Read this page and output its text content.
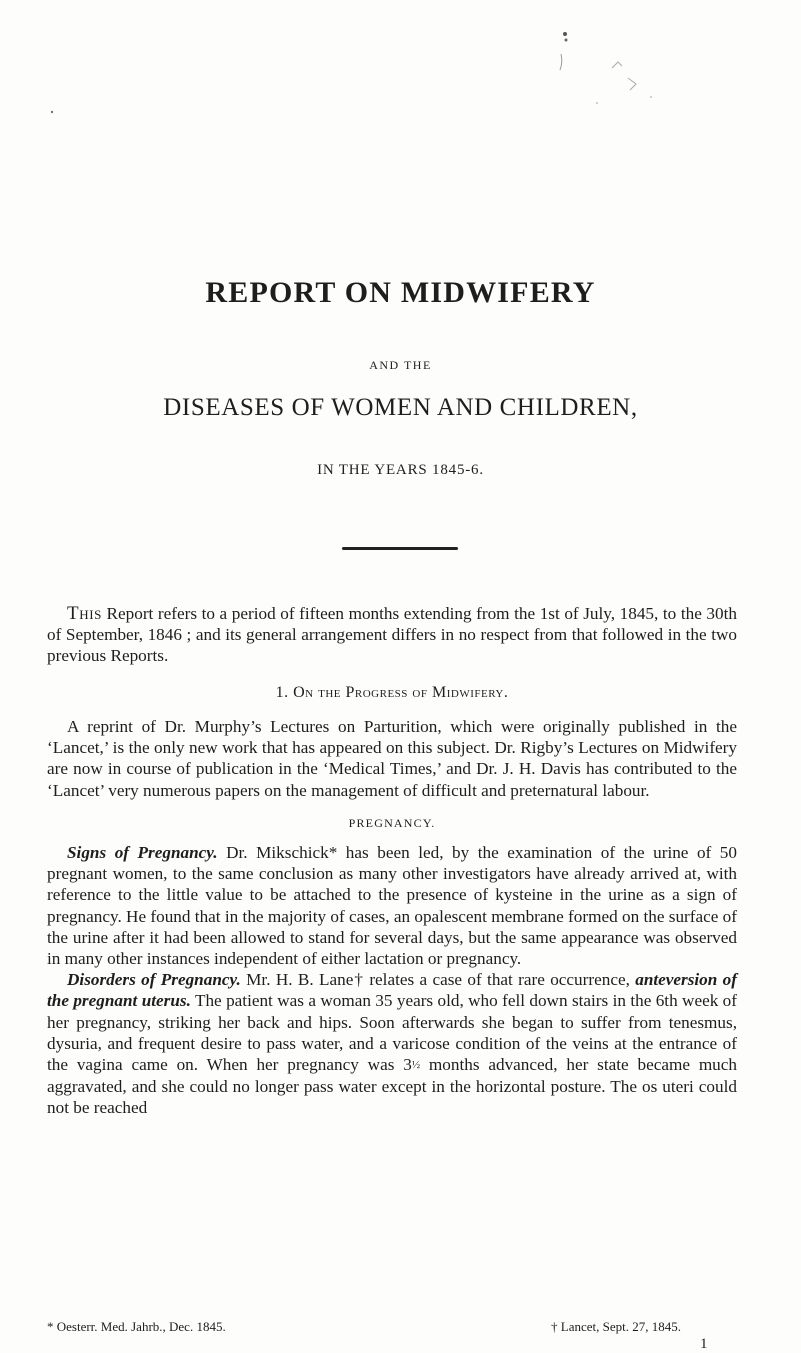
REPORT ON MIDWIFERY
AND THE
DISEASES OF WOMEN AND CHILDREN,
IN THE YEARS 1845-6.

This Report refers to a period of fifteen months extending from the 1st of July, 1845, to the 30th of September, 1846 ; and its general arrangement differs in no respect from that followed in the two previous Reports.

1. On the Progress of Midwifery.

A reprint of Dr. Murphy’s Lectures on Parturition, which were originally published in the ‘Lancet,’ is the only new work that has appeared on this subject. Dr. Rigby’s Lectures on Midwifery are now in course of publication in the ‘Medical Times,’ and Dr. J. H. Davis has contributed to the ‘Lancet’ very numerous papers on the management of difficult and preternatural labour.

PREGNANCY.

Signs of Pregnancy. Dr. Mikschick* has been led, by the examination of the urine of 50 pregnant women, to the same conclusion as many other investigators have already arrived at, with reference to the little value to be attached to the presence of kysteine in the urine as a sign of pregnancy. He found that in the majority of cases, an opalescent membrane formed on the surface of the urine after it had been allowed to stand for several days, but the same appearance was observed in many other instances independent of either lactation or pregnancy.

Disorders of Pregnancy. Mr. H. B. Lane† relates a case of that rare occurrence, anteversion of the pregnant uterus. The patient was a woman 35 years old, who fell down stairs in the 6th week of her pregnancy, striking her back and hips. Soon afterwards she began to suffer from tenesmus, dysuria, and frequent desire to pass water, and a varicose condition of the veins at the entrance of the vagina came on. When her pregnancy was 3½ months advanced, her state became much aggravated, and she could no longer pass water except in the horizontal posture. The os uteri could not be reached

* Oesterr. Med. Jahrb., Dec. 1845.	† Lancet, Sept. 27, 1845.
1
